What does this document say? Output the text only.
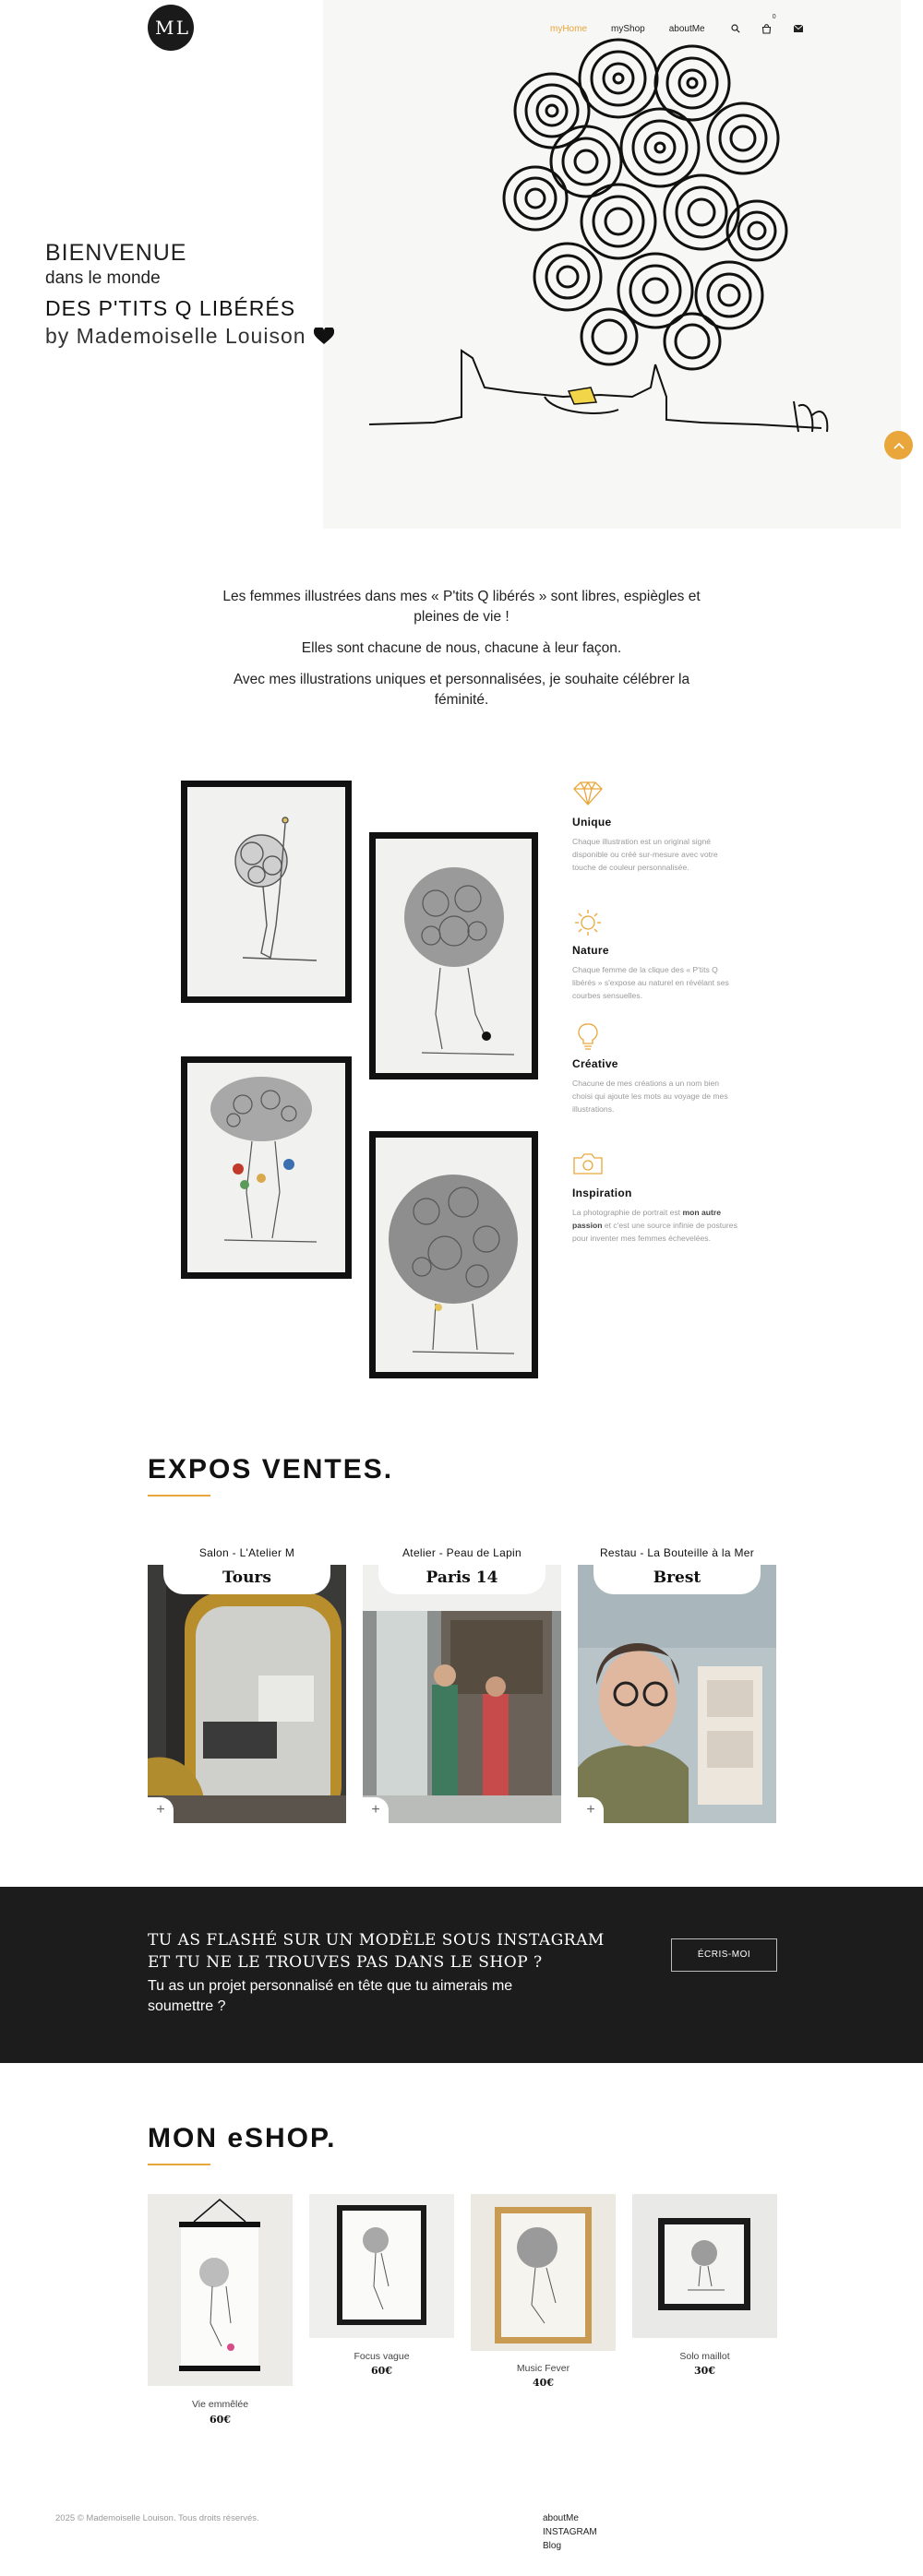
M L	myHome	myShop	aboutMe
0
BIENVENUE
dans le monde
DES P'TITS Q LIBÉRÉS
by Mademoiselle Louison

Les femmes illustrées dans mes « P'tits Q libérés » sont libres, espiègles et pleines de vie !

Elles sont chacune de nous, chacune à leur façon.

Avec mes illustrations uniques et personnalisées, je souhaite célébrer la féminité.

Unique
Chaque illustration est un original signé disponible ou créé sur-mesure avec votre touche de couleur personnalisée.
Nature
Chaque femme de la clique des « P'tits Q libérés » s'expose au naturel en révélant ses courbes sensuelles.
Créative
Chacune de mes créations a un nom bien choisi qui ajoute les mots au voyage de mes illustrations.
Inspiration
La photographie de portrait est mon autre passion et c'est une source infinie de postures pour inventer mes femmes échevelées.
EXPOS VENTES.
Salon - L'Atelier M
Tours
+
Atelier - Peau de Lapin
Paris 14
+
Restau - La Bouteille à la Mer
Brest
+
TU AS FLASHÉ SUR UN MODÈLE SOUS INSTAGRAM
ET TU NE LE TROUVES PAS DANS LE SHOP ?
Tu as un projet personnalisé en tête que tu aimerais me soumettre ?
ÉCRIS-MOI
MON eSHOP.
Vie emmêlée
60€
Focus vague
60€	Music Fever
40€
Solo maillot
30€
2025 © Mademoiselle Louison. Tous droits réservés.	aboutMe
INSTAGRAM
Blog
